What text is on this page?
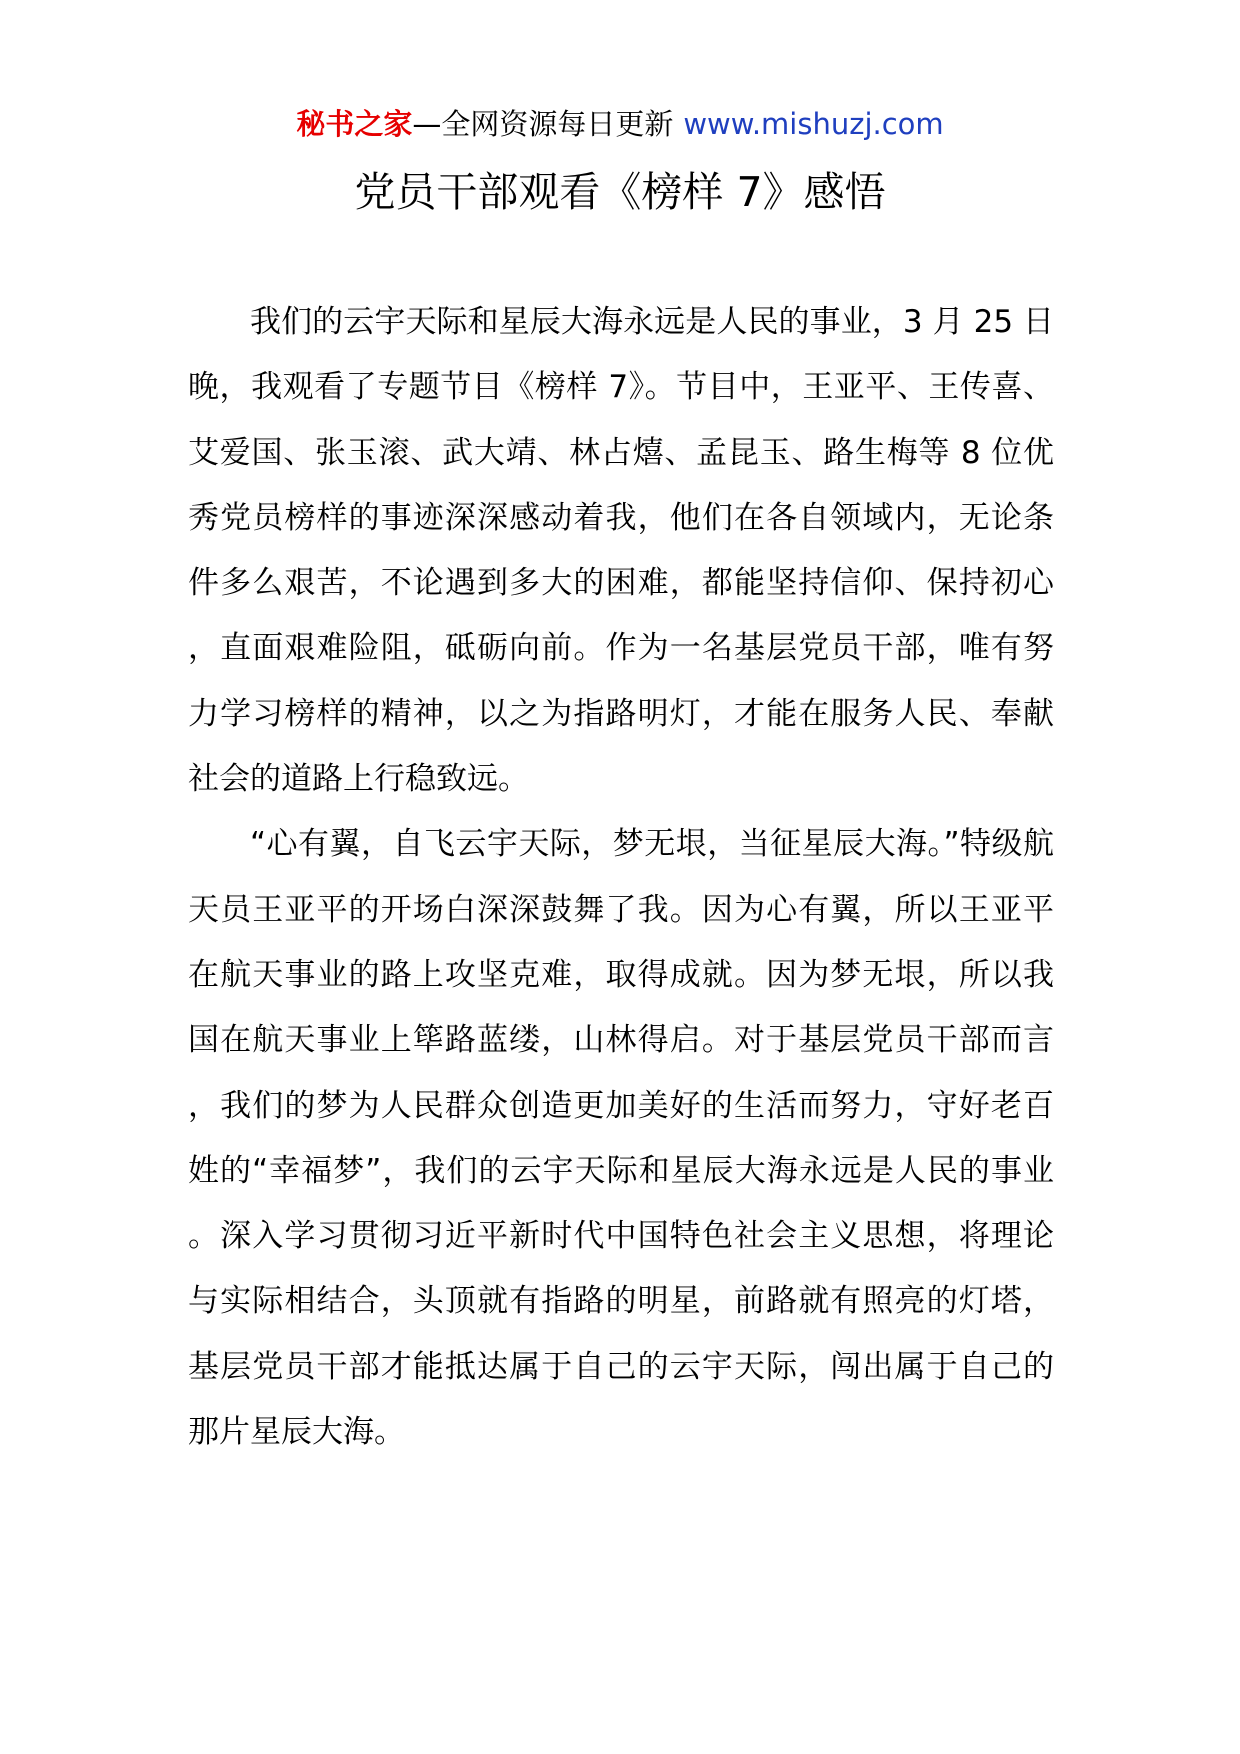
秘书之家—全网资源每日更新 www.mishuzj.com
党员干部观看《榜样 7》感悟

我们的云宇天际和星辰大海永远是人民的事业，3 月 25 日晚，我观看了专题节目《榜样 7》。节目中，王亚平、王传喜、艾爱国、张玉滚、武大靖、林占熺、孟昆玉、路生梅等 8 位优秀党员榜样的事迹深深感动着我，他们在各自领域内，无论条件多么艰苦，不论遇到多大的困难，都能坚持信仰、保持初心，直面艰难险阻，砥砺向前。作为一名基层党员干部，唯有努力学习榜样的精神，以之为指路明灯，才能在服务人民、奉献社会的道路上行稳致远。

“心有翼，自飞云宇天际，梦无垠，当征星辰大海。”特级航天员王亚平的开场白深深鼓舞了我。因为心有翼，所以王亚平在航天事业的路上攻坚克难，取得成就。因为梦无垠，所以我国在航天事业上筚路蓝缕，山林得启。对于基层党员干部而言，我们的梦为人民群众创造更加美好的生活而努力，守好老百姓的“幸福梦”，我们的云宇天际和星辰大海永远是人民的事业。深入学习贯彻习近平新时代中国特色社会主义思想，将理论与实际相结合，头顶就有指路的明星，前路就有照亮的灯塔，基层党员干部才能抵达属于自己的云宇天际，闯出属于自己的那片星辰大海。
